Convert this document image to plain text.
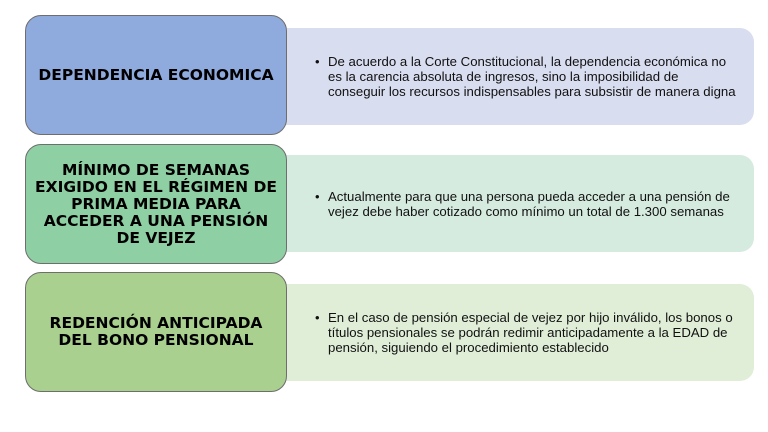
• De acuerdo a la Corte Constitucional, la dependencia económica no es la carencia absoluta de ingresos, sino la imposibilidad de conseguir los recursos indispensables para subsistir de manera digna
DEPENDENCIA ECONOMICA
• Actualmente para que una persona pueda acceder a una pensión de vejez debe haber cotizado como mínimo un total de 1.300 semanas
MÍNIMO DE SEMANAS EXIGIDO EN EL RÉGIMEN DE PRIMA MEDIA PARA ACCEDER A UNA PENSIÓN DE VEJEZ
• En el caso de pensión especial de vejez por hijo inválido, los bonos o títulos pensionales se podrán redimir anticipadamente a la EDAD de pensión, siguiendo el procedimiento establecido
REDENCIÓN ANTICIPADA DEL BONO PENSIONAL
